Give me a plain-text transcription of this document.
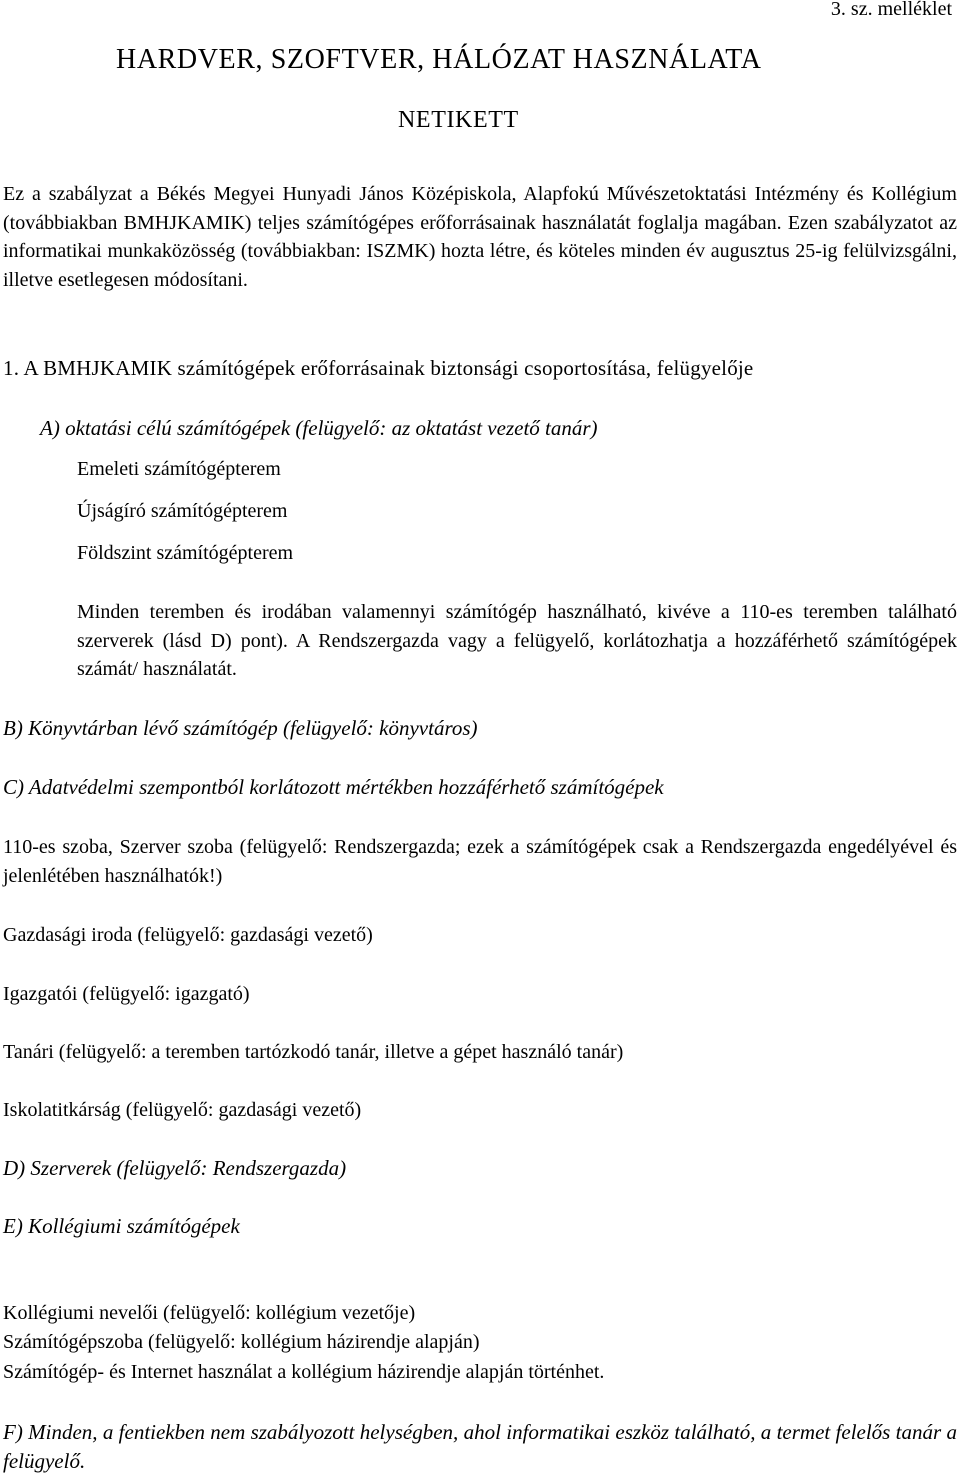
3. sz. melléklet

HARDVER, SZOFTVER, HÁLÓZAT HASZNÁLATA
NETIKETT

Ez a szabályzat a Békés Megyei Hunyadi János Középiskola, Alapfokú Művészetoktatási Intézmény és Kollégium (továbbiakban BMHJKAMIK) teljes számítógépes erőforrásainak használatát foglalja magában. Ezen szabályzatot az informatikai munkaközösség (továbbiakban: ISZMK) hozta létre, és köteles minden év augusztus 25-ig felülvizsgálni, illetve esetlegesen módosítani.

1. A BMHJKAMIK számítógépek erőforrásainak biztonsági csoportosítása, felügyelője

A) oktatási célú számítógépek (felügyelő: az oktatást vezető tanár)

Emeleti számítógépterem

Újságíró számítógépterem

Földszint számítógépterem

Minden teremben és irodában valamennyi számítógép használható, kivéve a 110-es teremben található szerverek (lásd D) pont). A Rendszergazda vagy a felügyelő, korlátozhatja a hozzáférhető számítógépek számát/ használatát.

B) Könyvtárban lévő számítógép (felügyelő: könyvtáros)

C) Adatvédelmi szempontból korlátozott mértékben hozzáférhető számítógépek

110-es szoba, Szerver szoba (felügyelő: Rendszergazda; ezek a számítógépek csak a Rendszergazda engedélyével és jelenlétében használhatók!)

Gazdasági iroda (felügyelő: gazdasági vezető)

Igazgatói (felügyelő: igazgató)

Tanári (felügyelő: a teremben tartózkodó tanár, illetve a gépet használó tanár)

Iskolatitkárság (felügyelő: gazdasági vezető)

D) Szerverek (felügyelő: Rendszergazda)

E) Kollégiumi számítógépek

Kollégiumi nevelői (felügyelő: kollégium vezetője)

Számítógépszoba (felügyelő: kollégium házirendje alapján)

Számítógép- és Internet használat a kollégium házirendje alapján történhet.

F) Minden, a fentiekben nem szabályozott helységben, ahol informatikai eszköz található, a termet felelős tanár a felügyelő.
